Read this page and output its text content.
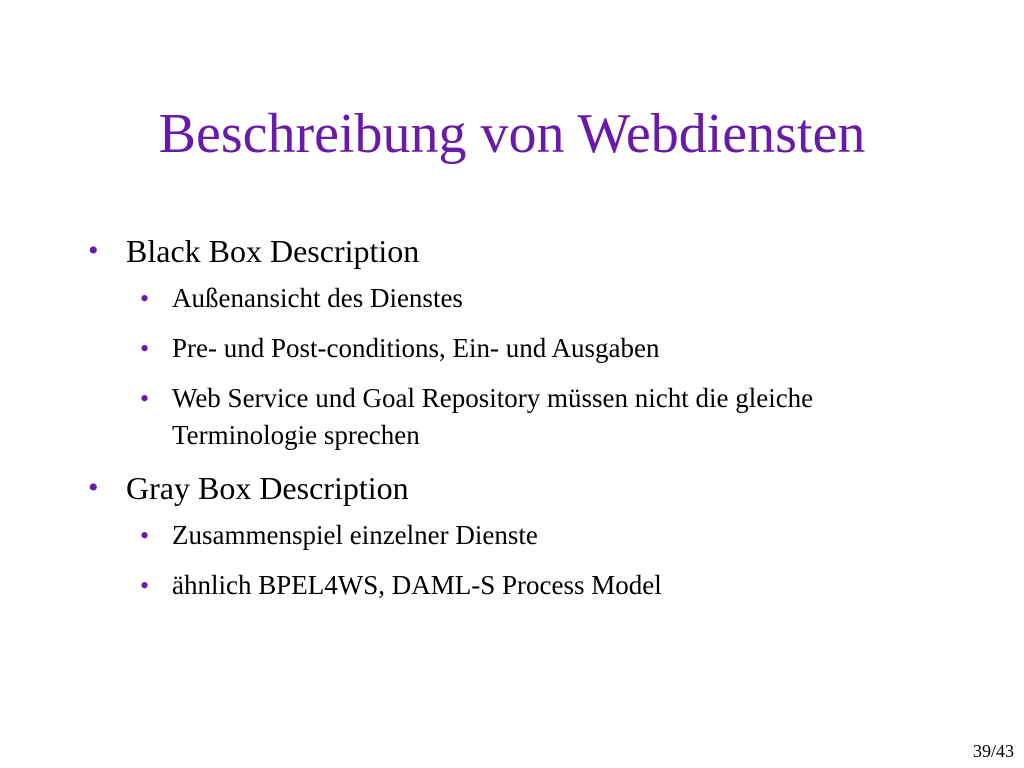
Beschreibung von Webdiensten
• Black Box Description
• Außenansicht des Dienstes
• Pre- und Post-conditions, Ein- und Ausgaben
• Web Service und Goal Repository müssen nicht die gleiche Terminologie sprechen
• Gray Box Description
• Zusammenspiel einzelner Dienste
• ähnlich BPEL4WS, DAML-S Process Model
39/43
